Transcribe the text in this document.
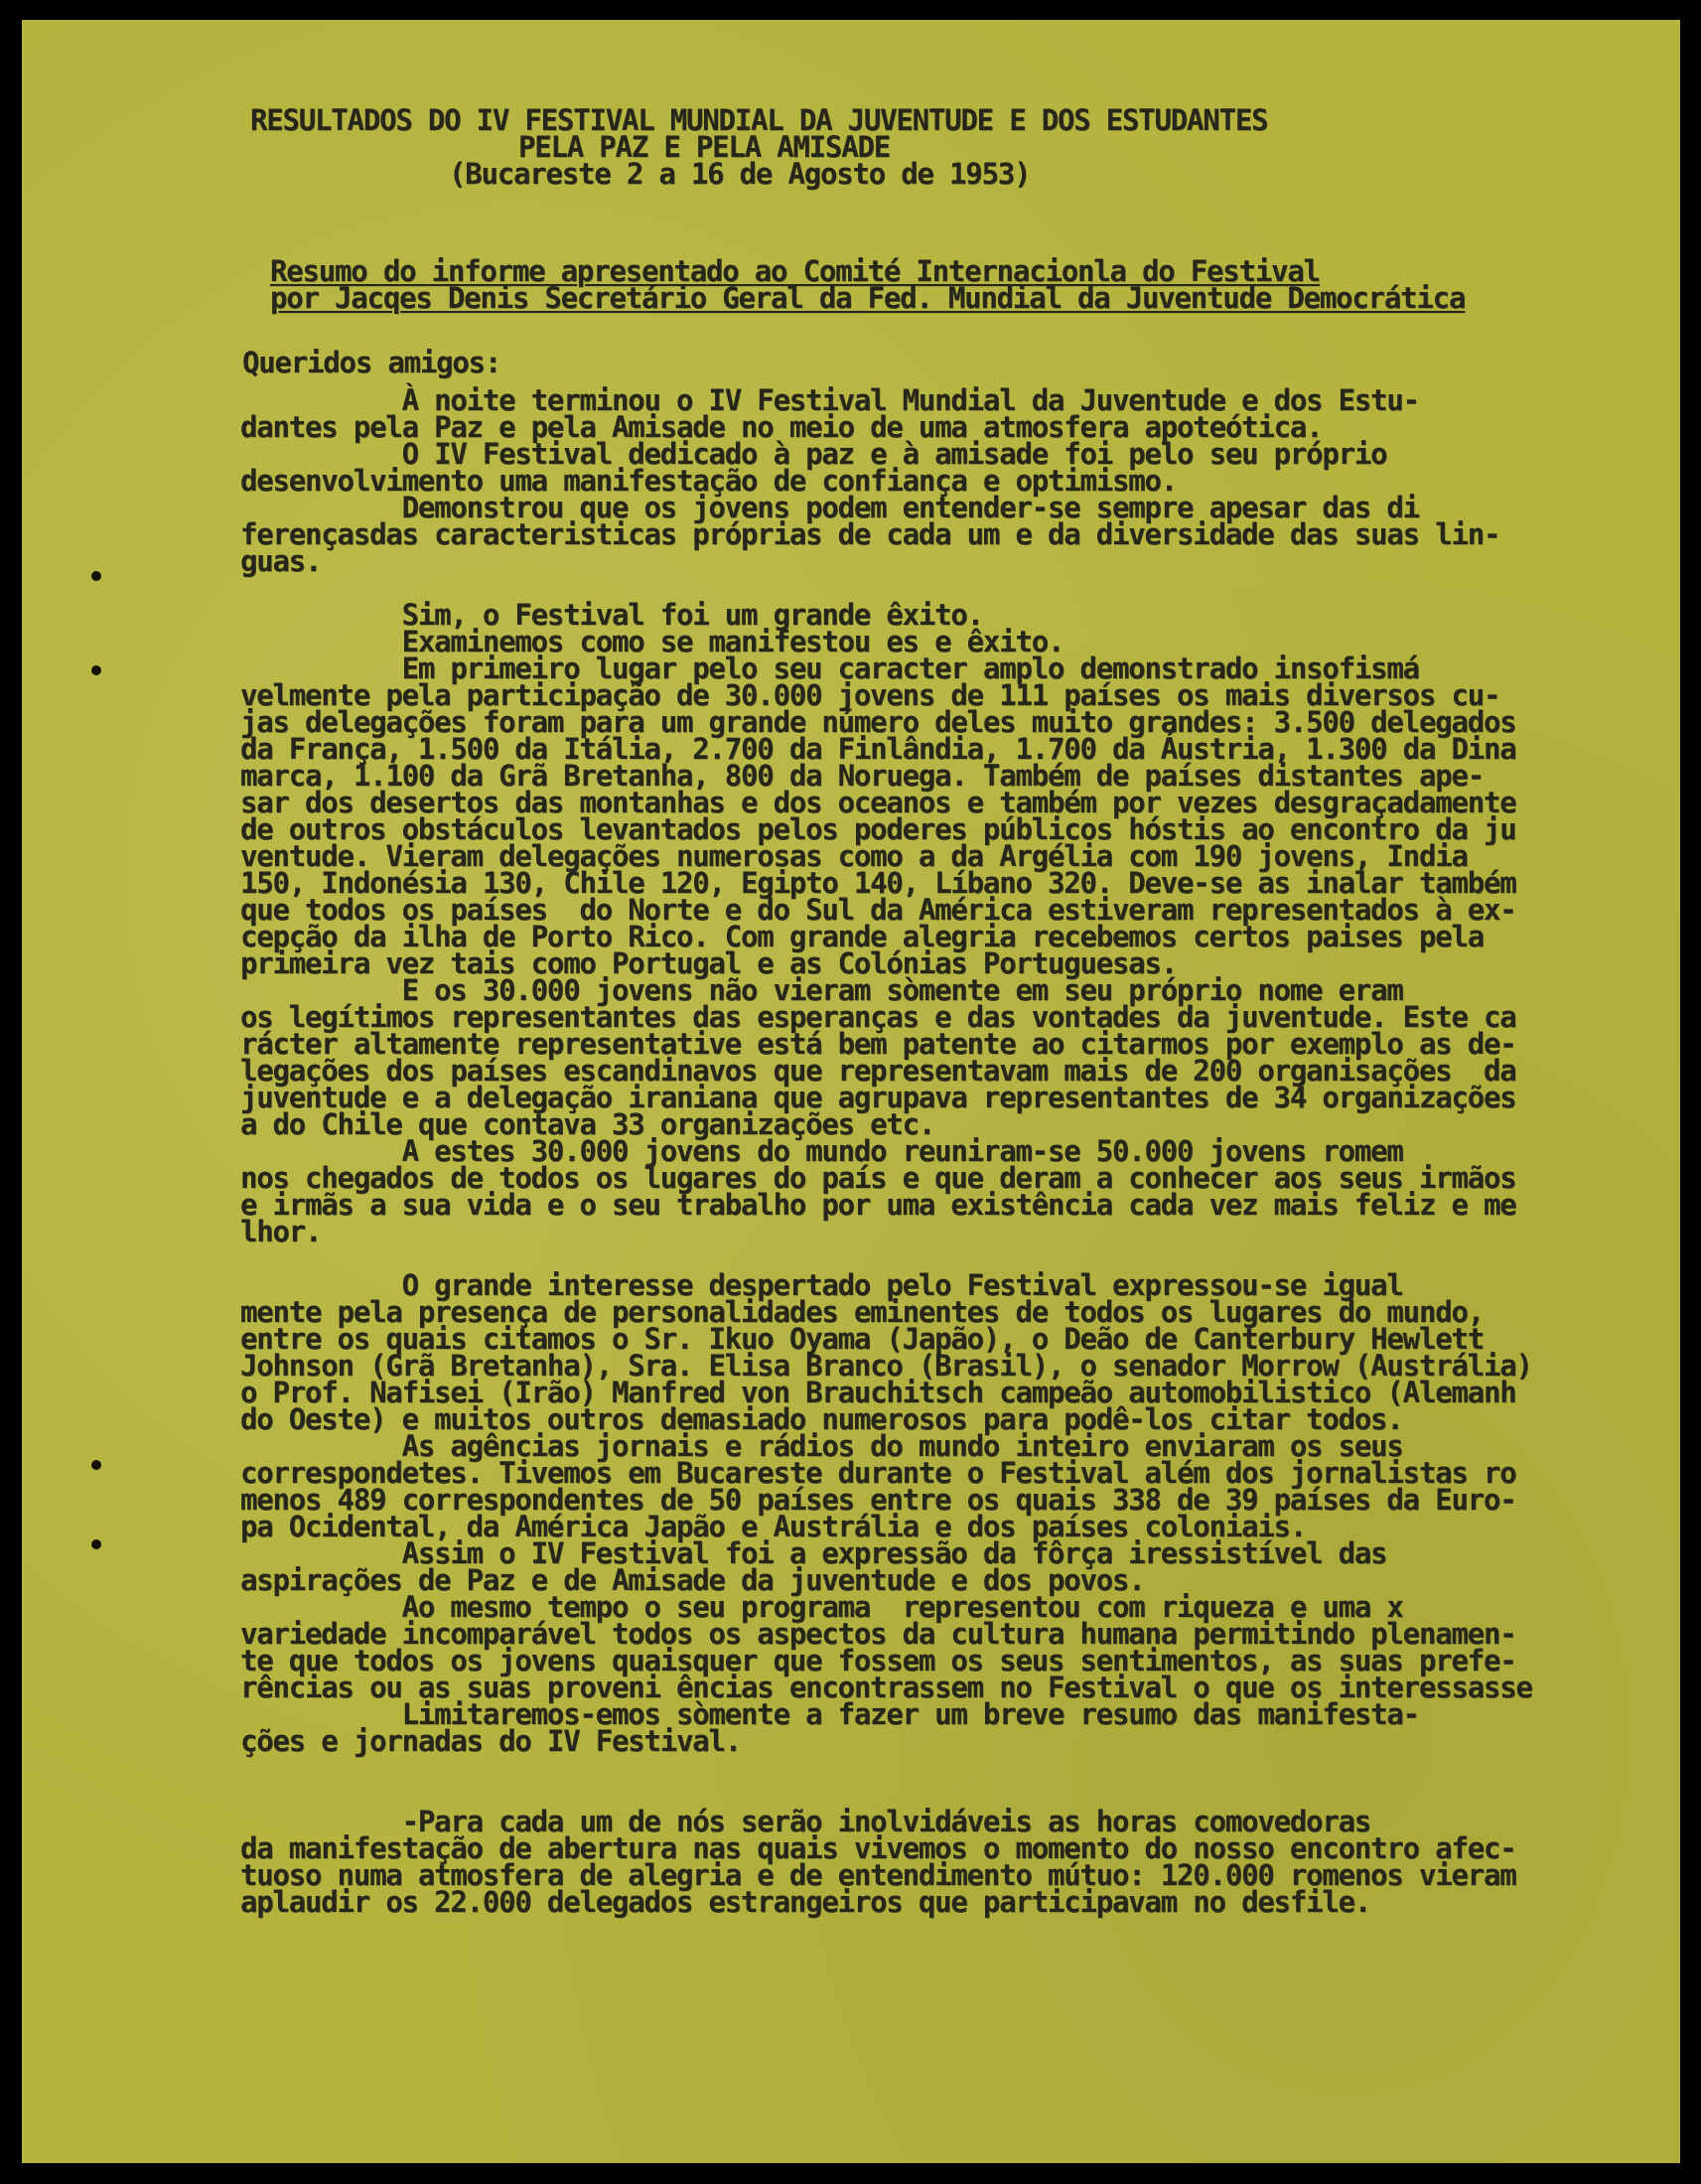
RESULTADOS DO IV FESTIVAL MUNDIAL DA JUVENTUDE E DOS ESTUDANTES
PELA PAZ E PELA AMISADE
(Bucareste 2 a 16 de Agosto de 1953)
Resumo do informe apresentado ao Comité Internacionla do Festival
por Jacqes Denis Secretário Geral da Fed. Mundial da Juventude Democrática
Queridos amigos:
À noite terminou o IV Festival Mundial da Juventude e dos Estu-
dantes pela Paz e pela Amisade no meio de uma atmosfera apoteótica.
O IV Festival dedicado à paz e à amisade foi pelo seu próprio
desenvolvimento uma manifestação de confiança e optimismo.
Demonstrou que os jovens podem entender-se sempre apesar das di
ferençasdas caracteristicas próprias de cada um e da diversidade das suas lin-
guas.

Sim, o Festival foi um grande êxito.
Examinemos como se manifestou es e êxito.
Em primeiro lugar pelo seu caracter amplo demonstrado insofismá
velmente pela participação de 30.000 jovens de 111 países os mais diversos cu-
jas delegações foram para um grande número deles muito grandes: 3.500 delegados
da França, 1.500 da Itália, 2.700 da Finlândia, 1.700 da Áustria, 1.300 da Dina
marca, 1.100 da Grã Bretanha, 800 da Noruega. Também de países distantes ape-
sar dos desertos das montanhas e dos oceanos e também por vezes desgraçadamente
de outros obstáculos levantados pelos poderes públicos hóstis ao encontro da ju
ventude. Vieram delegações numerosas como a da Argélia com 190 jovens, India
150, Indonésia 130, Chile 120, Egipto 140, Líbano 320. Deve-se as inalar também
que todos os países  do Norte e do Sul da América estiveram representados à ex-
cepção da ilha de Porto Rico. Com grande alegria recebemos certos paises pela
primeira vez tais como Portugal e as Colónias Portuguesas.
E os 30.000 jovens não vieram sòmente em seu próprio nome eram
os legítimos representantes das esperanças e das vontades da juventude. Este ca
rácter altamente representative está bem patente ao citarmos por exemplo as de-
legações dos países escandinavos que representavam mais de 200 organisações  da
juventude e a delegação iraniana que agrupava representantes de 34 organizações
a do Chile que contava 33 organizações etc.
A estes 30.000 jovens do mundo reuniram-se 50.000 jovens romem
nos chegados de todos os lugares do país e que deram a conhecer aos seus irmãos
e irmãs a sua vida e o seu trabalho por uma existência cada vez mais feliz e me
lhor.

O grande interesse despertado pelo Festival expressou-se igual
mente pela presença de personalidades eminentes de todos os lugares do mundo,
entre os quais citamos o Sr. Ikuo Oyama (Japão), o Deão de Canterbury Hewlett
Johnson (Grã Bretanha), Sra. Elisa Branco (Brasil), o senador Morrow (Austrália)
o Prof. Nafisei (Irão) Manfred von Brauchitsch campeão automobilistico (Alemanh
do Oeste) e muitos outros demasiado numerosos para podê-los citar todos.
As agências jornais e rádios do mundo inteiro enviaram os seus
correspondetes. Tivemos em Bucareste durante o Festival além dos jornalistas ro
menos 489 correspondentes de 50 países entre os quais 338 de 39 países da Euro-
pa Ocidental, da América Japão e Austrália e dos países coloniais.
Assim o IV Festival foi a expressão da fôrça iressistível das
aspirações de Paz e de Amisade da juventude e dos povos.
Ao mesmo tempo o seu programa  representou com riqueza e uma x
variedade incomparável todos os aspectos da cultura humana permitindo plenamen-
te que todos os jovens quaisquer que fossem os seus sentimentos, as suas prefe-
rências ou as suas proveni ências encontrassem no Festival o que os interessasse
Limitaremos-emos sòmente a fazer um breve resumo das manifesta-
ções e jornadas do IV Festival.

-Para cada um de nós serão inolvidáveis as horas comovedoras
da manifestação de abertura nas quais vivemos o momento do nosso encontro afec-
tuoso numa atmosfera de alegria e de entendimento mútuo: 120.000 romenos vieram
aplaudir os 22.000 delegados estrangeiros que participavam no desfile.
